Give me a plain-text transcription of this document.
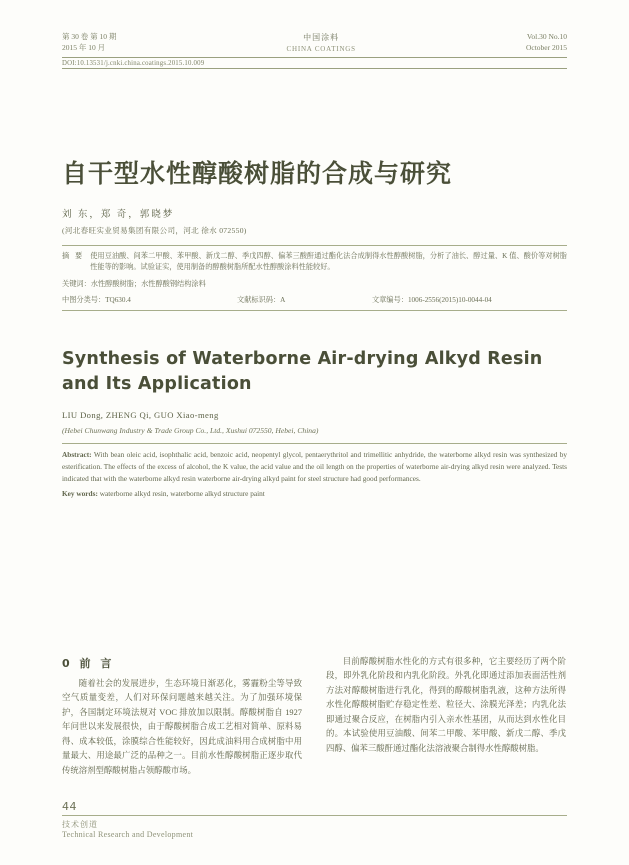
第 30 卷 第 10 期
2015 年 10 月
中国涂料
CHINA COATINGS
Vol.30 No.10
October 2015
DOI:10.13531/j.cnki.china.coatings.2015.10.009
自干型水性醇酸树脂的合成与研究
刘 东，郑 奇，郭晓梦
(河北春旺实业贸易集团有限公司，河北 徐水 072550)
摘 要 使用豆油酸、间苯二甲酸、苯甲酸、新戊二醇、季戊四醇、偏苯三酸酐通过酯化法合成制得水性醇酸树脂，分析了油长、醇过量、K 值、酸价等对树脂性能等的影响。试验证实，使用制备的醇酸树脂所配水性醇酸涂料性能较好。
关键词：水性醇酸树脂；水性醇酸钢结构涂料
中图分类号：TQ630.4	文献标识码：A	文章编号：1006-2556(2015)10-0044-04
Synthesis of Waterborne Air-drying Alkyd Resin and Its Application
LIU Dong, ZHENG Qi, GUO Xiao-meng
(Hebei Chunwang Industry & Trade Group Co., Ltd., Xushui 072550, Hebei, China)
Abstract: With bean oleic acid, isophthalic acid, benzoic acid, neopentyl glycol, pentaerythritol and trimellitic anhydride, the waterborne alkyd resin was synthesized by esterification. The effects of the excess of alcohol, the K value, the acid value and the oil length on the properties of waterborne air-drying alkyd resin were analyzed. Tests indicated that with the waterborne alkyd resin waterborne air-drying alkyd paint for steel structure had good performances.
Key words: waterborne alkyd resin, waterborne alkyd structure paint
0 前 言
随着社会的发展进步，生态环境日渐恶化，雾霾粉尘等导致空气质量变差，人们对环保问题越来越关注。为了加强环境保护，各国制定环境法规对 VOC 排放加以限制。醇酸树脂自 1927 年问世以来发展很快，由于醇酸树脂合成工艺相对简单、原料易得、成本较低，涂膜综合性能较好，因此成油料用合成树脂中用量最大、用途最广泛的品种之一。目前水性醇酸树脂正逐步取代传统溶剂型醇酸树脂占领醇酸市场。
目前醇酸树脂水性化的方式有很多种，它主要经历了两个阶段，即外乳化阶段和内乳化阶段。外乳化即通过添加表面活性剂方法对醇酸树脂进行乳化，得到的醇酸树脂乳液，这种方法所得水性化醇酸树脂贮存稳定性差、粒径大、涂膜光泽差；内乳化法即通过聚合反应，在树脂内引入亲水性基团，从而达到水性化目的。本试验使用豆油酸、间苯二甲酸、苯甲酸、新戊二醇、季戊四醇、偏苯三酸酐通过酯化法溶液聚合制得水性醇酸树脂。
44
技术创道
Technical Research and Development
